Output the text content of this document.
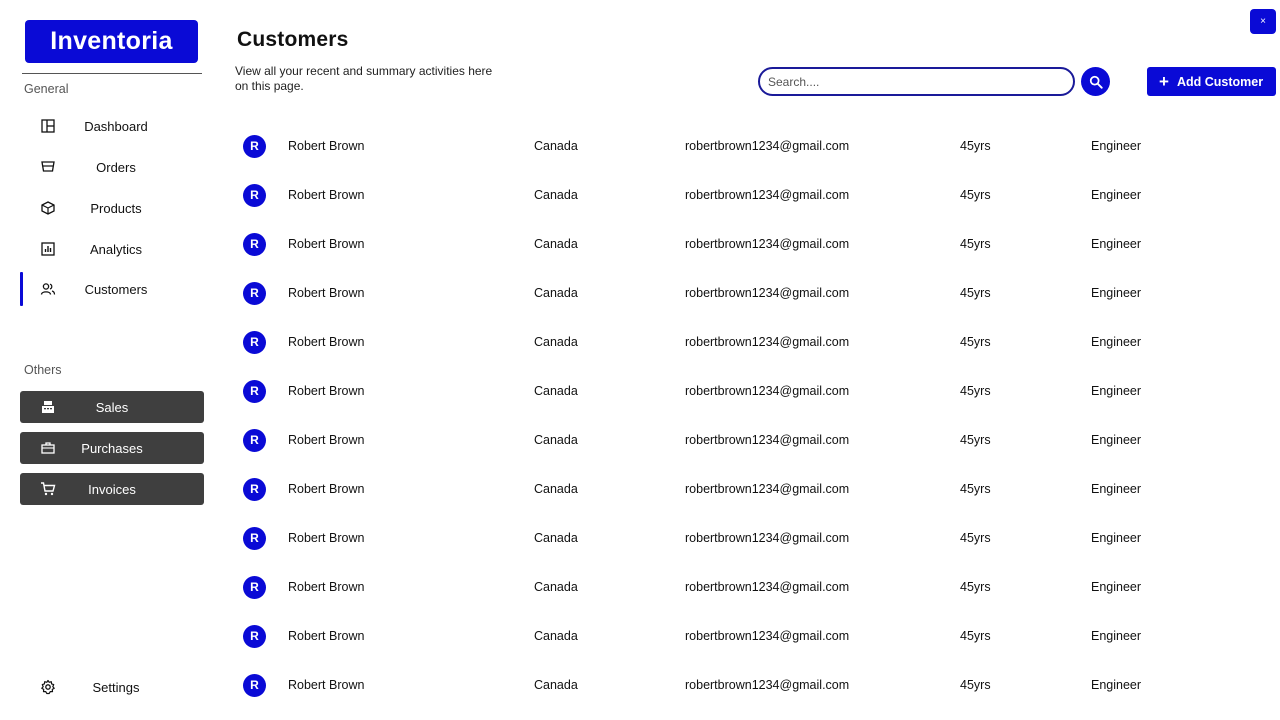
Inventoria
General
Dashboard
Orders
Products
Analytics
Customers
Others
Sales
Purchases
Invoices
Settings
Customers
View all your recent and summary activities here on this page.
Search....	+ Add Customer
×
R	Robert Brown	Canada	robertbrown1234@gmail.com	45yrs	Engineer
R	Robert Brown	Canada	robertbrown1234@gmail.com	45yrs	Engineer
R	Robert Brown	Canada	robertbrown1234@gmail.com	45yrs	Engineer
R	Robert Brown	Canada	robertbrown1234@gmail.com	45yrs	Engineer
R	Robert Brown	Canada	robertbrown1234@gmail.com	45yrs	Engineer
R	Robert Brown	Canada	robertbrown1234@gmail.com	45yrs	Engineer
R	Robert Brown	Canada	robertbrown1234@gmail.com	45yrs	Engineer
R	Robert Brown	Canada	robertbrown1234@gmail.com	45yrs	Engineer
R	Robert Brown	Canada	robertbrown1234@gmail.com	45yrs	Engineer
R	Robert Brown	Canada	robertbrown1234@gmail.com	45yrs	Engineer
R	Robert Brown	Canada	robertbrown1234@gmail.com	45yrs	Engineer
R	Robert Brown	Canada	robertbrown1234@gmail.com	45yrs	Engineer
